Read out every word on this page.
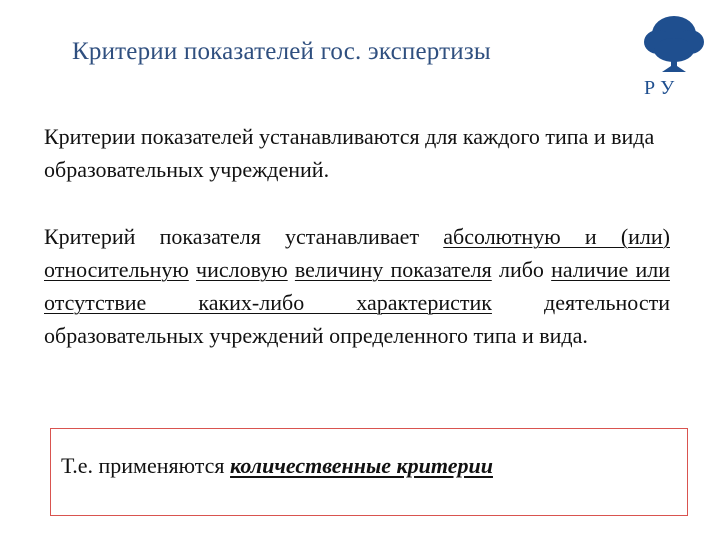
Критерии показателей гос. экспертизы
Р У

Критерии показателей устанавливаются для каждого типа и вида образовательных учреждений.

Критерий показателя устанавливает абсолютную и (или) относительную числовую величину показателя либо наличие или отсутствие каких-либо характеристик деятельности образовательных учреждений определенного типа и вида.

Т.е. применяются количественные критерии
